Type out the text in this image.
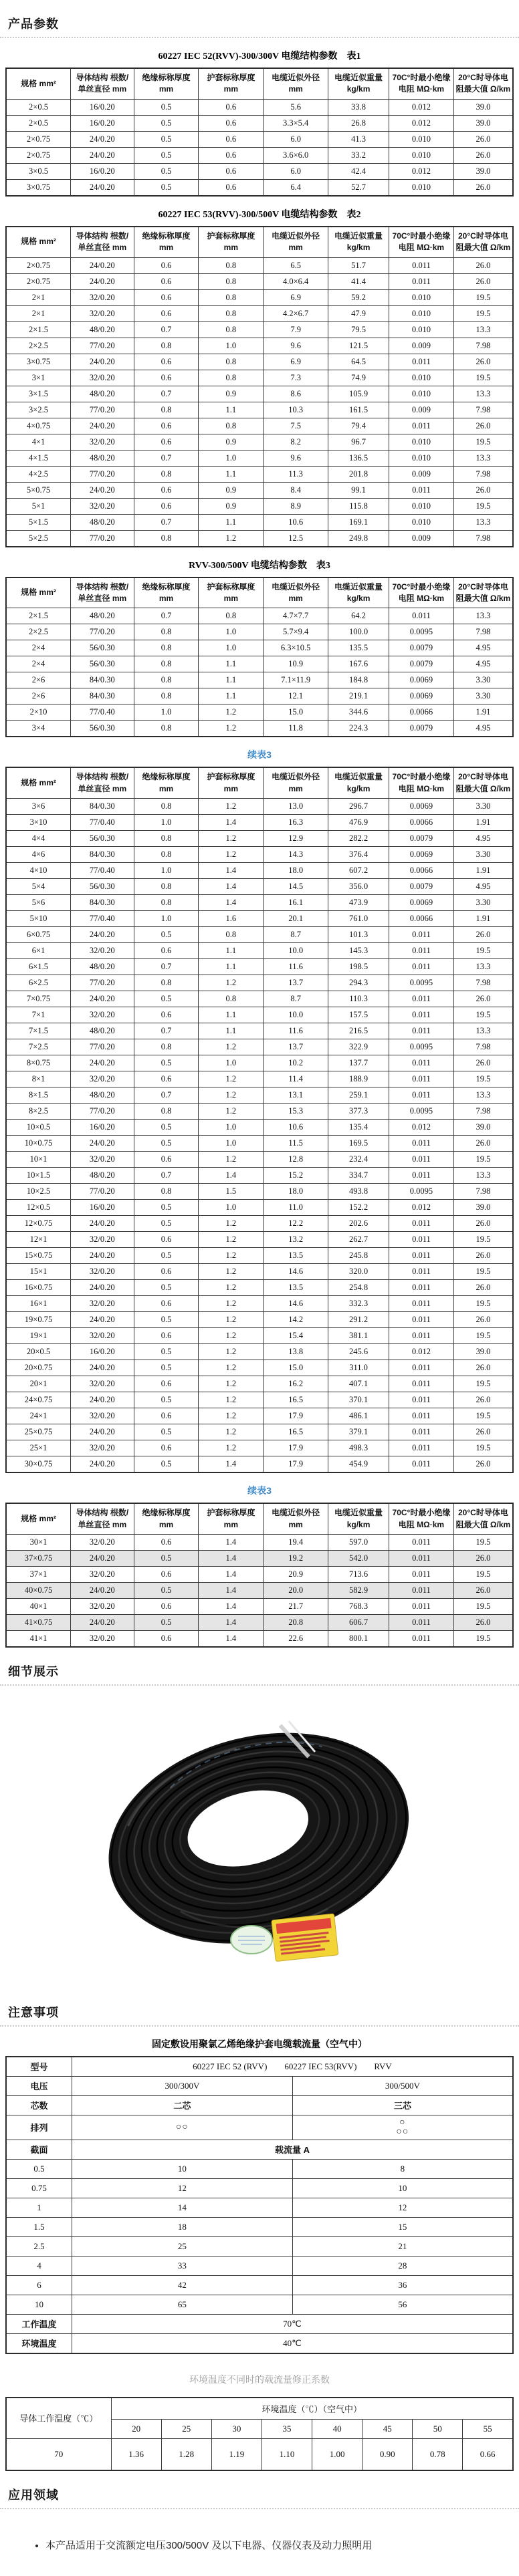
产品参数
60227 IEC 52(RVV)-300/300V 电缆结构参数　表1
规格 mm²	导体结构 根数/单丝直径 mm	绝缘标称厚度 mm	护套标称厚度 mm	电缆近似外径 mm	电缆近似重量 kg/km	70C°时最小绝缘电阻 MΩ·km	20°C时导体电阻最大值 Ω/km
2×0.5	16/0.20	0.5	0.6	5.6	33.8	0.012	39.0
2×0.5	16/0.20	0.5	0.6	3.3×5.4	26.8	0.012	39.0
2×0.75	24/0.20	0.5	0.6	6.0	41.3	0.010	26.0
2×0.75	24/0.20	0.5	0.6	3.6×6.0	33.2	0.010	26.0
3×0.5	16/0.20	0.5	0.6	6.0	42.4	0.012	39.0
3×0.75	24/0.20	0.5	0.6	6.4	52.7	0.010	26.0
60227 IEC 53(RVV)-300/500V 电缆结构参数　表2
规格 mm²	导体结构 根数/单丝直径 mm	绝缘标称厚度 mm	护套标称厚度 mm	电缆近似外径 mm	电缆近似重量 kg/km	70C°时最小绝缘电阻 MΩ·km	20°C时导体电阻最大值 Ω/km
2×0.75	24/0.20	0.6	0.8	6.5	51.7	0.011	26.0
2×0.75	24/0.20	0.6	0.8	4.0×6.4	41.4	0.011	26.0
2×1	32/0.20	0.6	0.8	6.9	59.2	0.010	19.5
2×1	32/0.20	0.6	0.8	4.2×6.7	47.9	0.010	19.5
2×1.5	48/0.20	0.7	0.8	7.9	79.5	0.010	13.3
2×2.5	77/0.20	0.8	1.0	9.6	121.5	0.009	7.98
3×0.75	24/0.20	0.6	0.8	6.9	64.5	0.011	26.0
3×1	32/0.20	0.6	0.8	7.3	74.9	0.010	19.5
3×1.5	48/0.20	0.7	0.9	8.6	105.9	0.010	13.3
3×2.5	77/0.20	0.8	1.1	10.3	161.5	0.009	7.98
4×0.75	24/0.20	0.6	0.8	7.5	79.4	0.011	26.0
4×1	32/0.20	0.6	0.9	8.2	96.7	0.010	19.5
4×1.5	48/0.20	0.7	1.0	9.6	136.5	0.010	13.3
4×2.5	77/0.20	0.8	1.1	11.3	201.8	0.009	7.98
5×0.75	24/0.20	0.6	0.9	8.4	99.1	0.011	26.0
5×1	32/0.20	0.6	0.9	8.9	115.8	0.010	19.5
5×1.5	48/0.20	0.7	1.1	10.6	169.1	0.010	13.3
5×2.5	77/0.20	0.8	1.2	12.5	249.8	0.009	7.98
RVV-300/500V 电缆结构参数　表3
规格 mm²	导体结构 根数/单丝直径 mm	绝缘标称厚度 mm	护套标称厚度 mm	电缆近似外径 mm	电缆近似重量 kg/km	70C°时最小绝缘电阻 MΩ·km	20°C时导体电阻最大值 Ω/km
2×1.5	48/0.20	0.7	0.8	4.7×7.7	64.2	0.011	13.3
2×2.5	77/0.20	0.8	1.0	5.7×9.4	100.0	0.0095	7.98
2×4	56/0.30	0.8	1.0	6.3×10.5	135.5	0.0079	4.95
2×4	56/0.30	0.8	1.1	10.9	167.6	0.0079	4.95
2×6	84/0.30	0.8	1.1	7.1×11.9	184.8	0.0069	3.30
2×6	84/0.30	0.8	1.1	12.1	219.1	0.0069	3.30
2×10	77/0.40	1.0	1.2	15.0	344.6	0.0066	1.91
3×4	56/0.30	0.8	1.2	11.8	224.3	0.0079	4.95
续表3
规格 mm²	导体结构 根数/单丝直径 mm	绝缘标称厚度 mm	护套标称厚度 mm	电缆近似外径 mm	电缆近似重量 kg/km	70C°时最小绝缘电阻 MΩ·km	20°C时导体电阻最大值 Ω/km
3×6	84/0.30	0.8	1.2	13.0	296.7	0.0069	3.30
3×10	77/0.40	1.0	1.4	16.3	476.9	0.0066	1.91
4×4	56/0.30	0.8	1.2	12.9	282.2	0.0079	4.95
4×6	84/0.30	0.8	1.2	14.3	376.4	0.0069	3.30
4×10	77/0.40	1.0	1.4	18.0	607.2	0.0066	1.91
5×4	56/0.30	0.8	1.4	14.5	356.0	0.0079	4.95
5×6	84/0.30	0.8	1.4	16.1	473.9	0.0069	3.30
5×10	77/0.40	1.0	1.6	20.1	761.0	0.0066	1.91
6×0.75	24/0.20	0.5	0.8	8.7	101.3	0.011	26.0
6×1	32/0.20	0.6	1.1	10.0	145.3	0.011	19.5
6×1.5	48/0.20	0.7	1.1	11.6	198.5	0.011	13.3
6×2.5	77/0.20	0.8	1.2	13.7	294.3	0.0095	7.98
7×0.75	24/0.20	0.5	0.8	8.7	110.3	0.011	26.0
7×1	32/0.20	0.6	1.1	10.0	157.5	0.011	19.5
7×1.5	48/0.20	0.7	1.1	11.6	216.5	0.011	13.3
7×2.5	77/0.20	0.8	1.2	13.7	322.9	0.0095	7.98
8×0.75	24/0.20	0.5	1.0	10.2	137.7	0.011	26.0
8×1	32/0.20	0.6	1.2	11.4	188.9	0.011	19.5
8×1.5	48/0.20	0.7	1.2	13.1	259.1	0.011	13.3
8×2.5	77/0.20	0.8	1.2	15.3	377.3	0.0095	7.98
10×0.5	16/0.20	0.5	1.0	10.6	135.4	0.012	39.0
10×0.75	24/0.20	0.5	1.0	11.5	169.5	0.011	26.0
10×1	32/0.20	0.6	1.2	12.8	232.4	0.011	19.5
10×1.5	48/0.20	0.7	1.4	15.2	334.7	0.011	13.3
10×2.5	77/0.20	0.8	1.5	18.0	493.8	0.0095	7.98
12×0.5	16/0.20	0.5	1.0	11.0	152.2	0.012	39.0
12×0.75	24/0.20	0.5	1.2	12.2	202.6	0.011	26.0
12×1	32/0.20	0.6	1.2	13.2	262.7	0.011	19.5
15×0.75	24/0.20	0.5	1.2	13.5	245.8	0.011	26.0
15×1	32/0.20	0.6	1.2	14.6	320.0	0.011	19.5
16×0.75	24/0.20	0.5	1.2	13.5	254.8	0.011	26.0
16×1	32/0.20	0.6	1.2	14.6	332.3	0.011	19.5
19×0.75	24/0.20	0.5	1.2	14.2	291.2	0.011	26.0
19×1	32/0.20	0.6	1.2	15.4	381.1	0.011	19.5
20×0.5	16/0.20	0.5	1.2	13.8	245.6	0.012	39.0
20×0.75	24/0.20	0.5	1.2	15.0	311.0	0.011	26.0
20×1	32/0.20	0.6	1.2	16.2	407.1	0.011	19.5
24×0.75	24/0.20	0.5	1.2	16.5	370.1	0.011	26.0
24×1	32/0.20	0.6	1.2	17.9	486.1	0.011	19.5
25×0.75	24/0.20	0.5	1.2	16.5	379.1	0.011	26.0
25×1	32/0.20	0.6	1.2	17.9	498.3	0.011	19.5
30×0.75	24/0.20	0.5	1.4	17.9	454.9	0.011	26.0
续表3
规格 mm²	导体结构 根数/单丝直径 mm	绝缘标称厚度 mm	护套标称厚度 mm	电缆近似外径 mm	电缆近似重量 kg/km	70C°时最小绝缘电阻 MΩ·km	20°C时导体电阻最大值 Ω/km
30×1	32/0.20	0.6	1.4	19.4	597.0	0.011	19.5
37×0.75	24/0.20	0.5	1.4	19.2	542.0	0.011	26.0
37×1	32/0.20	0.6	1.4	20.9	713.6	0.011	19.5
40×0.75	24/0.20	0.5	1.4	20.0	582.9	0.011	26.0
40×1	32/0.20	0.6	1.4	21.7	768.3	0.011	19.5
41×0.75	24/0.20	0.5	1.4	20.8	606.7	0.011	26.0
41×1	32/0.20	0.6	1.4	22.6	800.1	0.011	19.5
细节展示
注意事项
固定敷设用聚氯乙烯绝缘护套电缆载流量（空气中）
型号	60227 IEC 52 (RVV)  60227 IEC 53(RVV)  RVV	
电压	300/300V	300/500V
芯数	二芯	三芯
排列	○○	○
○○

截面	载流量 A	
0.5	10	8
0.75	12	10
1	14	12
1.5	18	15
2.5	25	21
4	33	28
6	42	36
10	65	56
工作温度	70℃	
环境温度	40℃	
环境温度不同时的载流量修正系数
导体工作温度（℃）	环境温度（℃）（空气中）							
	20	25	30	35	40	45	50	55
70	1.36	1.28	1.19	1.10	1.00	0.90	0.78	0.66
应用领域
• 本产品适用于交流额定电压300/500V 及以下电器、仪器仪表及动力照明用
